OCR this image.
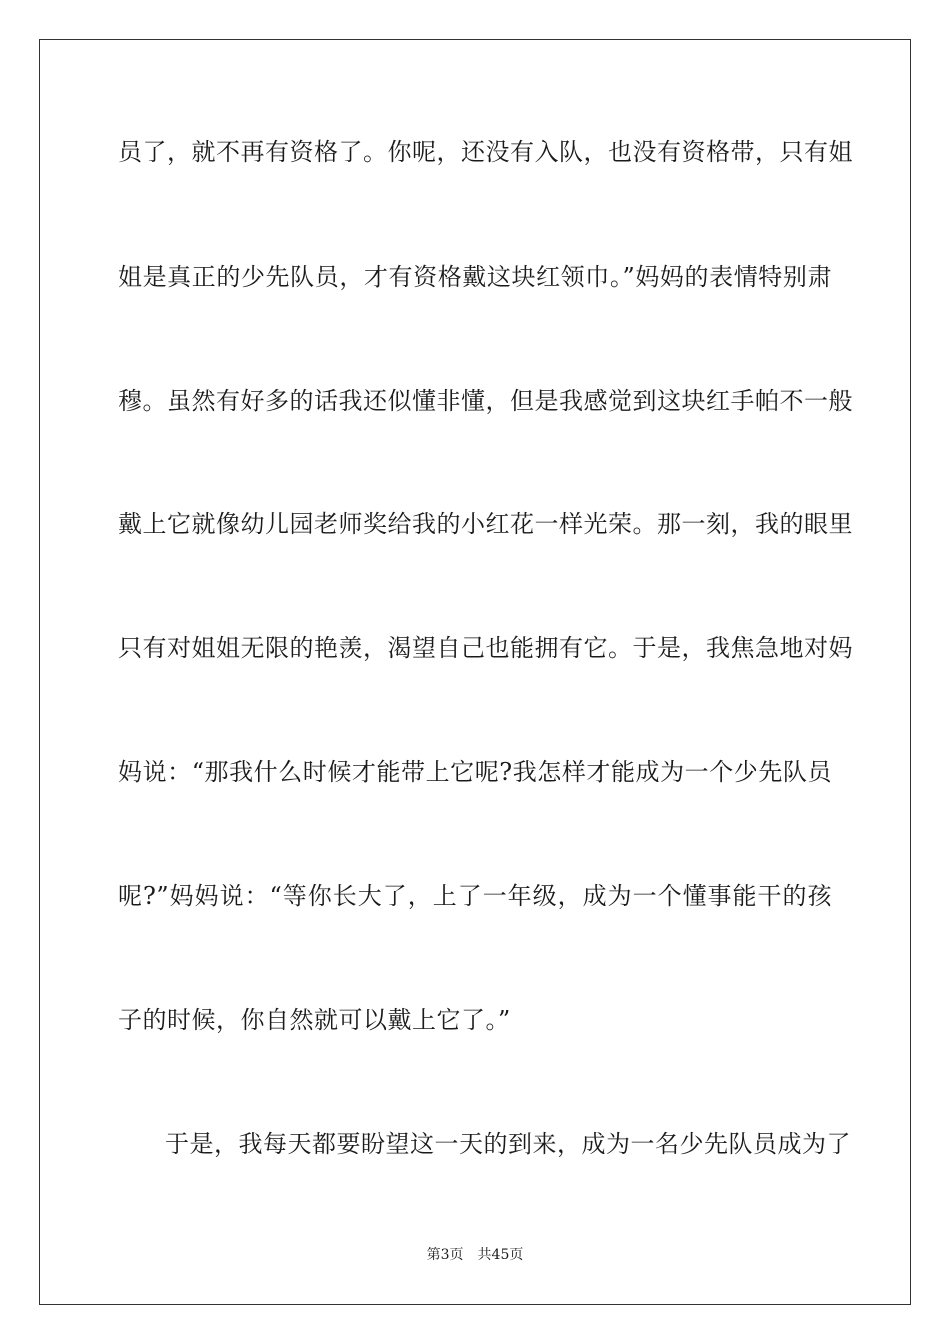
员了，就不再有资格了。你呢，还没有入队，也没有资格带，只有姐
姐是真正的少先队员，才有资格戴这块红领巾。”妈妈的表情特别肃
穆。虽然有好多的话我还似懂非懂，但是我感觉到这块红手帕不一般
戴上它就像幼儿园老师奖给我的小红花一样光荣。那一刻，我的眼里
只有对姐姐无限的艳羡，渴望自己也能拥有它。于是，我焦急地对妈
妈说：“那我什么时候才能带上它呢?我怎样才能成为一个少先队员
呢?”妈妈说：“等你长大了，上了一年级，成为一个懂事能干的孩
子的时候，你自然就可以戴上它了。”
于是，我每天都要盼望这一天的到来，成为一名少先队员成为了
第3页 共45页
